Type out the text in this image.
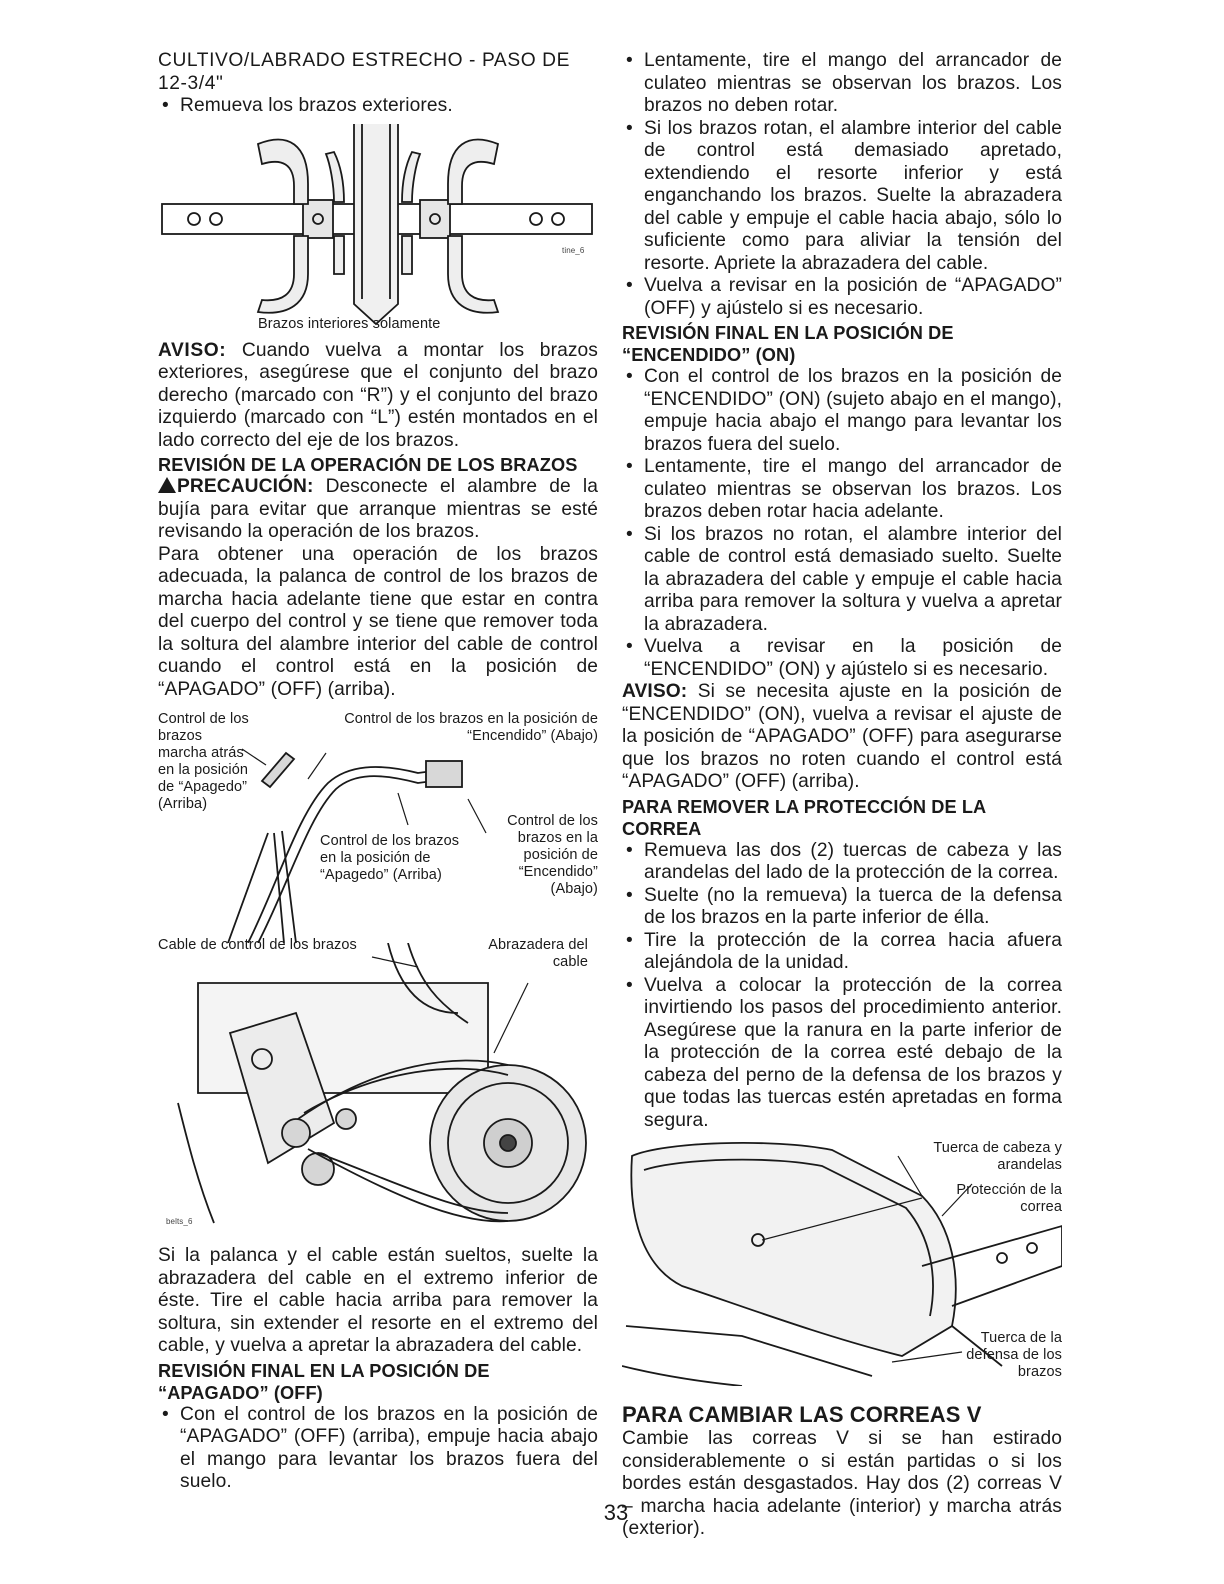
CULTIVO/LABRADO ESTRECHO - PASO DE 12-3/4"

• Remueva los brazos exteriores.

tine_6
Brazos interiores solamente

AVISO: Cuando vuelva a montar los brazos exteriores, asegúrese que el conjunto del brazo derecho (marcado con “R”) y el conjunto del brazo izquierdo (marcado con “L”) estén montados en el lado correcto del eje de los brazos.

REVISIÓN DE LA OPERACIÓN DE LOS BRAZOS

PRECAUCIÓN: Desconecte el alambre de la bujía para evitar que arranque mientras se esté revisando la operación de los brazos.

Para obtener una operación de los brazos adecuada, la palanca de control de los brazos de marcha hacia adelante tiene que estar en contra del cuerpo del control y se tiene que remover toda la soltura del alambre interior del cable de control cuando el control está en la posición de “APAGADO” (OFF) (arriba).

Control de los brazos marcha atrás en la posición de “Apagedo” (Arriba)
Control de los brazos en la posición de “Encendido” (Abajo)
Control de los brazos en la posición de “Apagedo” (Arriba)
Control de los brazos en la posición de “Encendido” (Abajo)
Cable de control de los brazos	Abrazadera del cable
belts_6

Si la palanca y el cable están sueltos, suelte la abrazadera del cable en el extremo inferior de éste. Tire el cable hacia arriba para remover la soltura, sin extender el resorte en el extremo del cable, y vuelva a apretar la abrazadera del cable.

REVISIÓN FINAL EN LA POSICIÓN DE “APAGADO” (OFF)

• Con el control de los brazos en la posición de “APAGADO” (OFF) (arriba), empuje hacia abajo el mango para levantar los brazos fuera del suelo.

• Lentamente, tire el mango del arrancador de culateo mientras se observan los brazos. Los brazos no deben rotar.

• Si los brazos rotan, el alambre interior del cable de control está demasiado apretado, extendiendo el resorte inferior y está enganchando los brazos. Suelte la abrazadera del cable y empuje el cable hacia abajo, sólo lo suficiente como para aliviar la tensión del resorte. Apriete la abrazadera del cable.

• Vuelva a revisar en la posición de “APAGADO” (OFF) y ajústelo si es necesario.

REVISIÓN FINAL EN LA POSICIÓN DE “ENCENDIDO” (ON)

• Con el control de los brazos en la posición de “ENCENDIDO” (ON) (sujeto abajo en el mango), empuje hacia abajo el mango para levantar los brazos fuera del suelo.

• Lentamente, tire el mango del arrancador de culateo mientras se observan los brazos. Los brazos deben rotar hacia adelante.

• Si los brazos no rotan, el alambre interior del cable de control está demasiado suelto. Suelte la abrazadera del cable y empuje el cable hacia arriba para remover la soltura y vuelva a apretar la abrazadera.

• Vuelva a revisar en la posición de “ENCENDIDO” (ON) y ajústelo si es necesario.

AVISO: Si se necesita ajuste en la posición de “ENCENDIDO” (ON), vuelva a revisar el ajuste de la posición de “APAGADO” (OFF) para asegurarse que los brazos no roten cuando el control está “APAGADO” (OFF) (arriba).

PARA REMOVER LA PROTECCIÓN DE LA CORREA

• Remueva las dos (2) tuercas de cabeza y las arandelas del lado de la protección de la correa.

• Suelte (no la remueva) la tuerca de la defensa de los brazos en la parte inferior de élla.

• Tire la protección de la correa hacia afuera alejándola de la unidad.

• Vuelva a colocar la protección de la correa invirtiendo los pasos del procedimiento anterior. Asegúrese que la ranura en la parte inferior de la protección de la correa esté debajo de la cabeza del perno de la defensa de los brazos y que todas las tuercas estén apretadas en forma segura.

Tuerca de cabeza y arandelas
Protección de la correa
Tuerca de la defensa de los brazos
PARA CAMBIAR LAS CORREAS V

Cambie las correas V si se han estirado considerablemente o si están partidas o si los bordes están desgastados. Hay dos (2) correas V – marcha hacia adelante (interior) y marcha atrás (exterior).

33
